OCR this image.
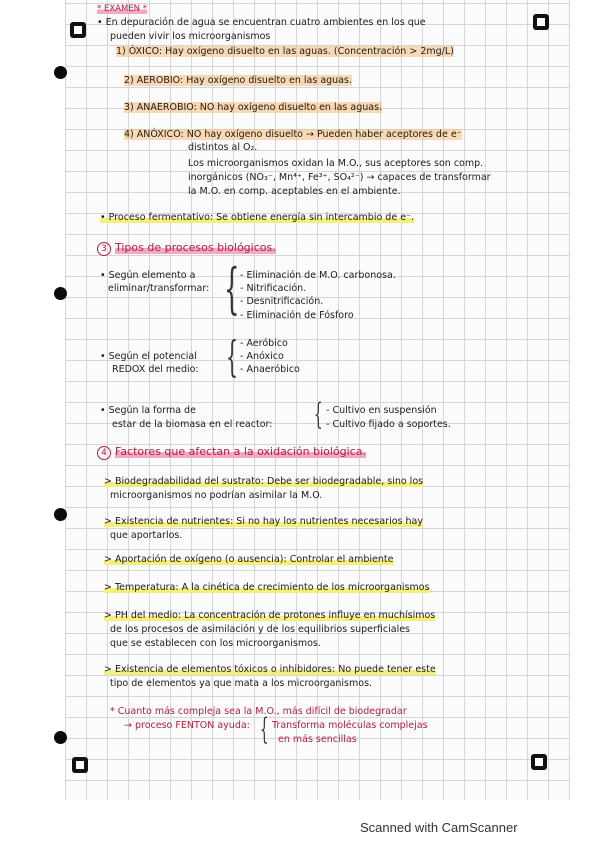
* EXAMEN *
• En depuración de agua se encuentran cuatro ambientes en los que
pueden vivir los microorganismos
1) ÓXICO: Hay oxígeno disuelto en las aguas. (Concentración > 2mg/L)
2) AEROBIO: Hay oxígeno disuelto en las aguas.
3) ANAEROBIO: NO hay oxígeno disuelto en las aguas.
4) ANÓXICO: NO hay oxígeno disuelto → Pueden haber aceptores de e⁻
distintos al O₂.
Los microorganismos oxidan la M.O., sus aceptores son comp.
inorgánicos (NO₃⁻, Mn⁴⁺, Fe³⁺, SO₄²⁻) → capaces de transformar
la M.O. en comp. aceptables en el ambiente.
• Proceso fermentativo: Se obtiene energía sin intercambio de e⁻.
3 Tipos de procesos biológicos.
• Según elemento a
eliminar/transformar: { - Eliminación de M.O. carbonosa.
- Nitrificación.
- Desnitrificación.
- Eliminación de Fósforo
{ - Aeróbico
• Según el potencial	- Anóxico
REDOX del medio:	- Anaeróbico
• Según la forma de	{ - Cultivo en suspensión
estar de la biomasa en el reactor:	- Cultivo fijado a soportes.
4 Factores que afectan a la oxidación biológica.
> Biodegradabilidad del sustrato: Debe ser biodegradable, sino los
microorganismos no podrían asimilar la M.O.
> Existencia de nutrientes: Si no hay los nutrientes necesarios hay
que aportarlos.
> Aportación de oxígeno (o ausencia): Controlar el ambiente
> Temperatura: A la cinética de crecimiento de los microorganismos
> PH del medio: La concentración de protones influye en muchísimos
de los procesos de asimilación y de los equilibrios superficiales
que se establecen con los microorganismos.
> Existencia de elementos tóxicos o inhibidores: No puede tener este
tipo de elementos ya que mata a los microorganismos.
* Cuanto más compleja sea la M.O., más difícil de biodegradar
→ proceso FENTON ayuda: { Transforma moléculas complejas
en más sencillas
Scanned with CamScanner
